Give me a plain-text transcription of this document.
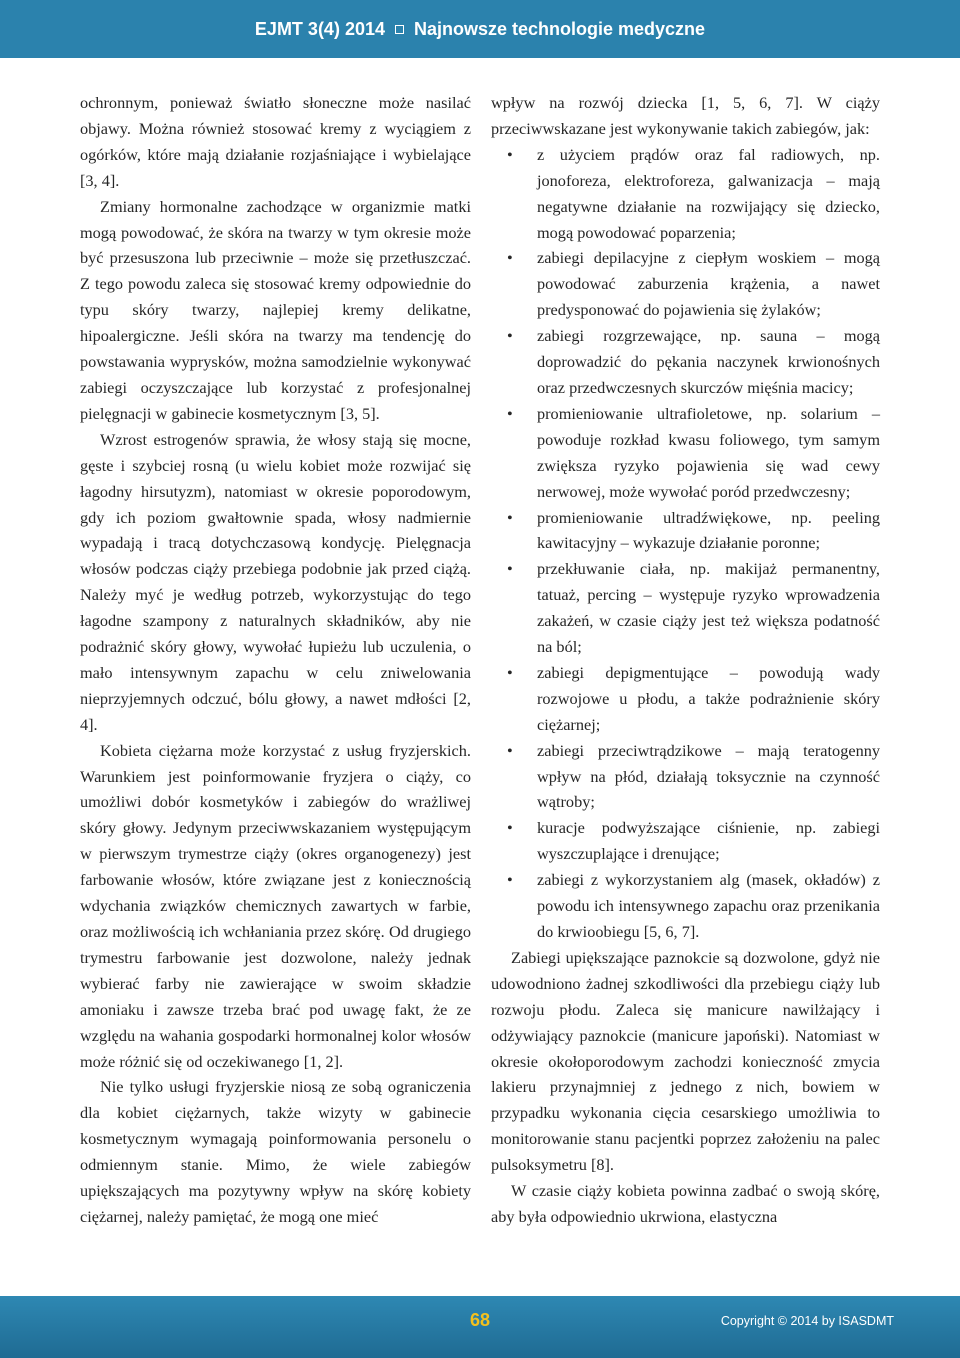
EJMT 3(4) 2014 Najnowsze technologie medyczne

ochronnym, ponieważ światło słoneczne może nasilać objawy. Można również stosować kremy z wyciągiem z ogórków, które mają działanie rozjaśniające i wybielające [3, 4].

Zmiany hormonalne zachodzące w organizmie matki mogą powodować, że skóra na twarzy w tym okresie może być przesuszona lub przeciwnie – może się przetłuszczać. Z tego powodu zaleca się stosować kremy odpowiednie do typu skóry twarzy, najlepiej kremy delikatne, hipoalergiczne. Jeśli skóra na twarzy ma tendencję do powstawania wyprysków, można samodzielnie wykonywać zabiegi oczyszczające lub korzystać z profesjonalnej pielęgnacji w gabinecie kosmetycznym [3, 5].

Wzrost estrogenów sprawia, że włosy stają się mocne, gęste i szybciej rosną (u wielu kobiet może rozwijać się łagodny hirsutyzm), natomiast w okresie poporodowym, gdy ich poziom gwałtownie spada, włosy nadmiernie wypadają i tracą dotychczasową kondycję. Pielęgnacja włosów podczas ciąży przebiega podobnie jak przed ciążą. Należy myć je według potrzeb, wykorzystując do tego łagodne szampony z naturalnych składników, aby nie podrażnić skóry głowy, wywołać łupieżu lub uczulenia, o mało intensywnym zapachu w celu zniwelowania nieprzyjemnych odczuć, bólu głowy, a nawet mdłości [2, 4].

Kobieta ciężarna może korzystać z usług fryzjerskich. Warunkiem jest poinformowanie fryzjera o ciąży, co umożliwi dobór kosmetyków i zabiegów do wrażliwej skóry głowy. Jedynym przeciwwskazaniem występującym w pierwszym trymestrze ciąży (okres organogenezy) jest farbowanie włosów, które związane jest z koniecznością wdychania związków chemicznych zawartych w farbie, oraz możliwością ich wchłaniania przez skórę. Od drugiego trymestru farbowanie jest dozwolone, należy jednak wybierać farby nie zawierające w swoim składzie amoniaku i zawsze trzeba brać pod uwagę fakt, że ze względu na wahania gospodarki hormonalnej kolor włosów może różnić się od oczekiwanego [1, 2].

Nie tylko usługi fryzjerskie niosą ze sobą ograniczenia dla kobiet ciężarnych, także wizyty w gabinecie kosmetycznym wymagają poinformowania personelu o odmiennym stanie. Mimo, że wiele zabiegów upiększających ma pozytywny wpływ na skórę kobiety ciężarnej, należy pamiętać, że mogą one mieć

wpływ na rozwój dziecka [1, 5, 6, 7]. W ciąży przeciwwskazane jest wykonywanie takich zabiegów, jak:

• z użyciem prądów oraz fal radiowych, np. jonoforeza, elektroforeza, galwanizacja – mają negatywne działanie na rozwijający się dziecko, mogą powodować poparzenia;
• zabiegi depilacyjne z ciepłym woskiem – mogą powodować zaburzenia krążenia, a nawet predysponować do pojawienia się żylaków;
• zabiegi rozgrzewające, np. sauna – mogą doprowadzić do pękania naczynek krwionośnych oraz przedwczesnych skurczów mięśnia macicy;
• promieniowanie ultrafioletowe, np. solarium – powoduje rozkład kwasu foliowego, tym samym zwiększa ryzyko pojawienia się wad cewy nerwowej, może wywołać poród przedwczesny;
• promieniowanie ultradźwiękowe, np. peeling kawitacyjny – wykazuje działanie poronne;
• przekłuwanie ciała, np. makijaż permanentny, tatuaż, percing – występuje ryzyko wprowadzenia zakażeń, w czasie ciąży jest też większa podatność na ból;
• zabiegi depigmentujące – powodują wady rozwojowe u płodu, a także podrażnienie skóry ciężarnej;
• zabiegi przeciwtrądzikowe – mają teratogenny wpływ na płód, działają toksycznie na czynność wątroby;
• kuracje podwyższające ciśnienie, np. zabiegi wyszczuplające i drenujące;
• zabiegi z wykorzystaniem alg (masek, okładów) z powodu ich intensywnego zapachu oraz przenikania do krwioobiegu [5, 6, 7].

Zabiegi upiększające paznokcie są dozwolone, gdyż nie udowodniono żadnej szkodliwości dla przebiegu ciąży lub rozwoju płodu. Zaleca się manicure nawilżający i odżywiający paznokcie (manicure japoński). Natomiast w okresie okołoporodowym zachodzi konieczność zmycia lakieru przynajmniej z jednego z nich, bowiem w przypadku wykonania cięcia cesarskiego umożliwia to monitorowanie stanu pacjentki poprzez założeniu na palec pulsoksymetru [8].

W czasie ciąży kobieta powinna zadbać o swoją skórę, aby była odpowiednio ukrwiona, elastyczna

68	Copyright © 2014 by ISASDMT
